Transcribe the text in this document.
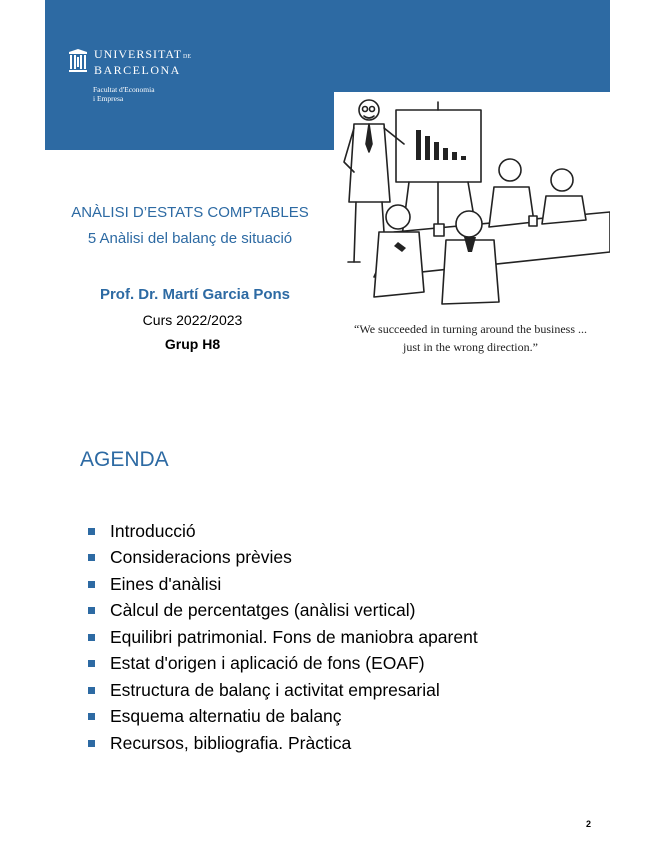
UNIVERSITATDE
BARCELONA
Facultat d'Economia
i Empresa
“We succeeded in turning around the business ...
just in the wrong direction.”
ANÀLISI D’ESTATS COMPTABLES
5 Anàlisi del balanç de situació
Prof. Dr. Martí Garcia Pons
Curs 2022/2023
Grup H8
AGENDA
Introducció
Consideracions prèvies
Eines d'anàlisi
Càlcul de percentatges (anàlisi vertical)
Equilibri patrimonial. Fons de maniobra aparent
Estat d'origen i aplicació de fons (EOAF)
Estructura de balanç i activitat empresarial
Esquema alternatiu de balanç
Recursos, bibliografia. Pràctica
2
